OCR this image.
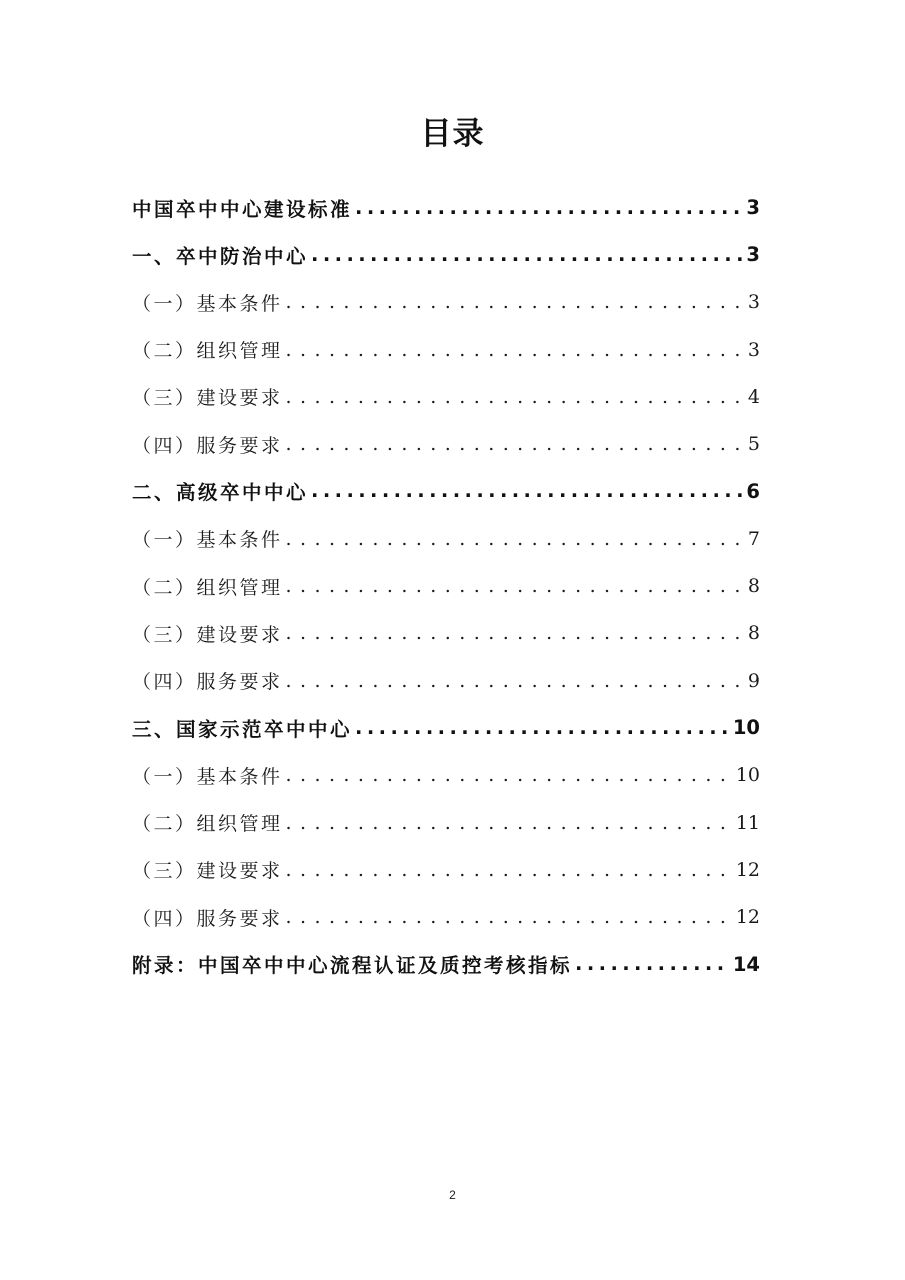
目录
中国卒中中心建设标准 .....	3
一、卒中防治中心 .....	3
（一）基本条件 . . .	3
（二）组织管理 . . .	3
（三）建设要求 . . .	4
（四）服务要求 . . .	5
二、高级卒中中心 .....	6
（一）基本条件 . . .	7
（二）组织管理 . . .	8
（三）建设要求 . . .	8
（四）服务要求 . . .	9
三、国家示范卒中中心 .....	10
（一）基本条件 . . .	10
（二）组织管理 . . .	11
（三）建设要求 . . .	12
（四）服务要求 . . .	12
附录：中国卒中中心流程认证及质控考核指标 .....	14
2
